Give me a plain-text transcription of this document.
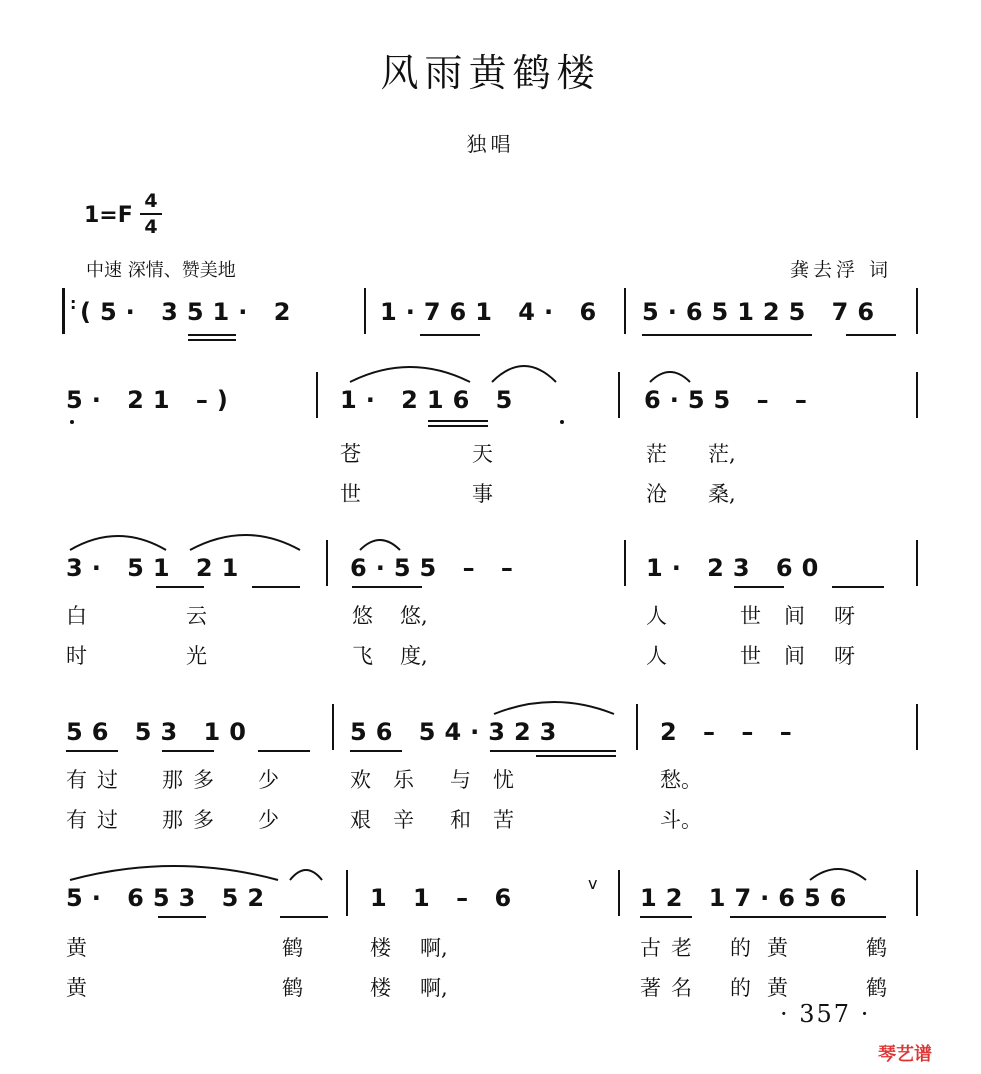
风雨黄鹤楼
独唱
1=F
4
4
中速 深情、赞美地	龚去浮 词
: (5· 351· 2	1·761 4· 6 5·65125 76
5· 21 –)	1· 216 5	6·55 – –
苍	天	茫 茫,
世	事	沧 桑,
3· 51 21	6·55 – –	1· 23 60
白	云	悠 悠,	人	世 间 呀
时	光	飞 度,	人	世 间 呀
56 53 10	56 54·323	2 – – –
有过 那多 少	欢乐 与忧	愁。
有过 那多 少	艰辛 和苦	斗。
5· 653 52	1 1 – 6
v
12 17·656
黄	鹤	楼 啊,	古老 的黄	鹤
黄	鹤	楼 啊,	著名 的黄	鹤
· 357 ·
琴艺谱
